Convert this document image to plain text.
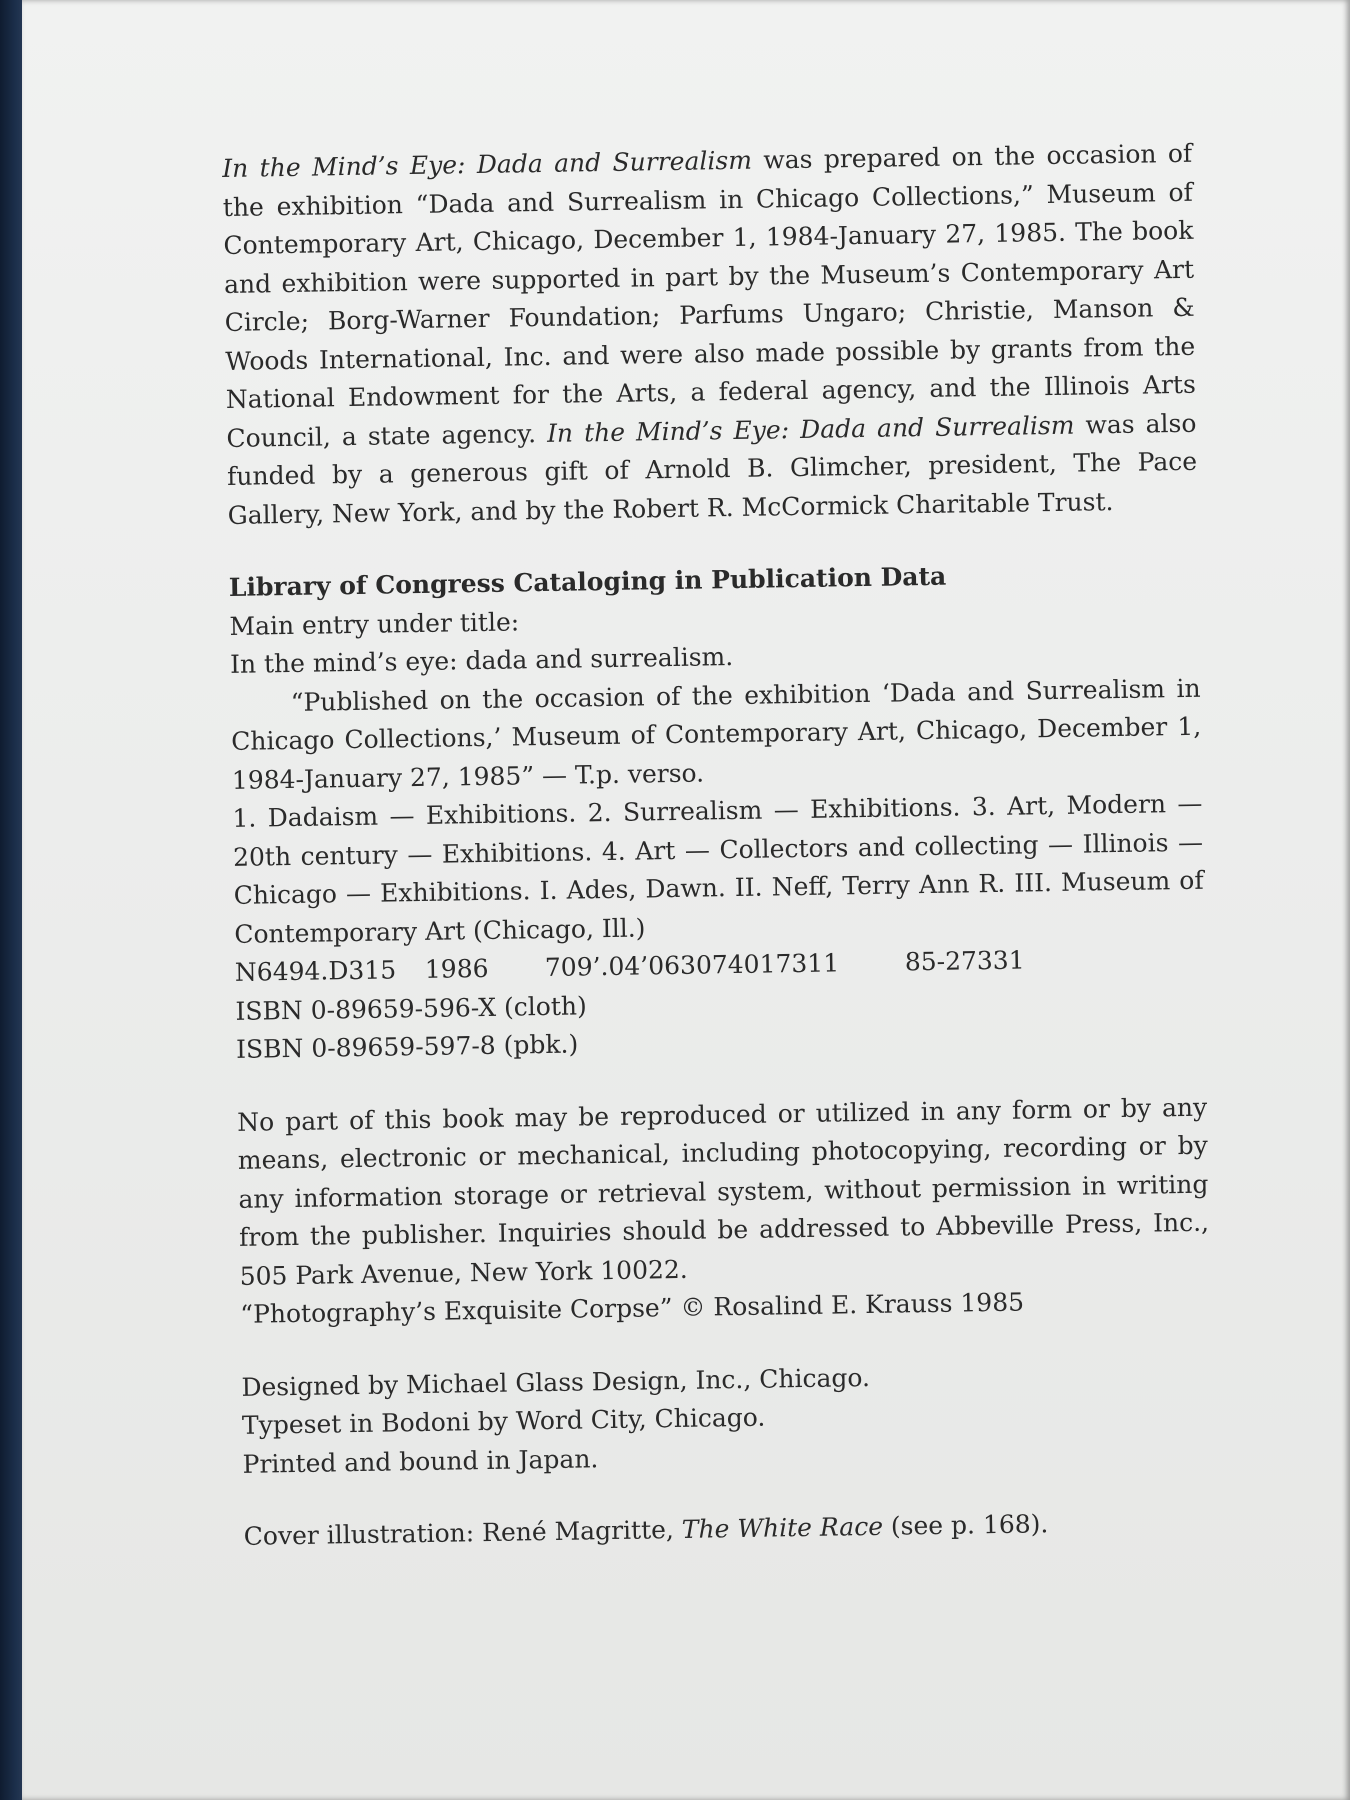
In the Mind’s Eye: Dada and Surrealism was prepared on the occasion of the exhibition “Dada and Surrealism in Chicago Collections,” Museum of Contemporary Art, Chicago, December 1, 1984-January 27, 1985. The book and exhibition were supported in part by the Museum’s Contemporary Art Circle; Borg-Warner Foundation; Parfums Ungaro; Christie, Manson & Woods International, Inc. and were also made possible by grants from the National Endowment for the Arts, a federal agency, and the Illinois Arts Council, a state agency. In the Mind’s Eye: Dada and Surrealism was also funded by a generous gift of Arnold B. Glimcher, president, The Pace Gallery, New York, and by the Robert R. McCormick Charitable Trust.

Library of Congress Cataloging in Publication Data

Main entry under title:

In the mind’s eye: dada and surrealism.

“Published on the occasion of the exhibition ‘Dada and Surrealism in Chicago Collections,’ Museum of Contemporary Art, Chicago, December 1, 1984-January 27, 1985” — T.p. verso.

1. Dadaism — Exhibitions. 2. Surrealism — Exhibitions. 3. Art, Modern — 20th century — Exhibitions. 4. Art — Collectors and collecting — Illinois — Chicago — Exhibitions. I. Ades, Dawn. II. Neff, Terry Ann R. III. Museum of Contemporary Art (Chicago, Ill.)

N6494.D315 1986 709’.04’063074017311	85-27331

ISBN 0-89659-596-X (cloth)

ISBN 0-89659-597-8 (pbk.)

No part of this book may be reproduced or utilized in any form or by any means, electronic or mechanical, including photocopying, recording or by any information storage or retrieval system, without permission in writing from the publisher. Inquiries should be addressed to Abbeville Press, Inc., 505 Park Avenue, New York 10022.

“Photography’s Exquisite Corpse” © Rosalind E. Krauss 1985

Designed by Michael Glass Design, Inc., Chicago.

Typeset in Bodoni by Word City, Chicago.

Printed and bound in Japan.

Cover illustration: René Magritte, The White Race (see p. 168).
